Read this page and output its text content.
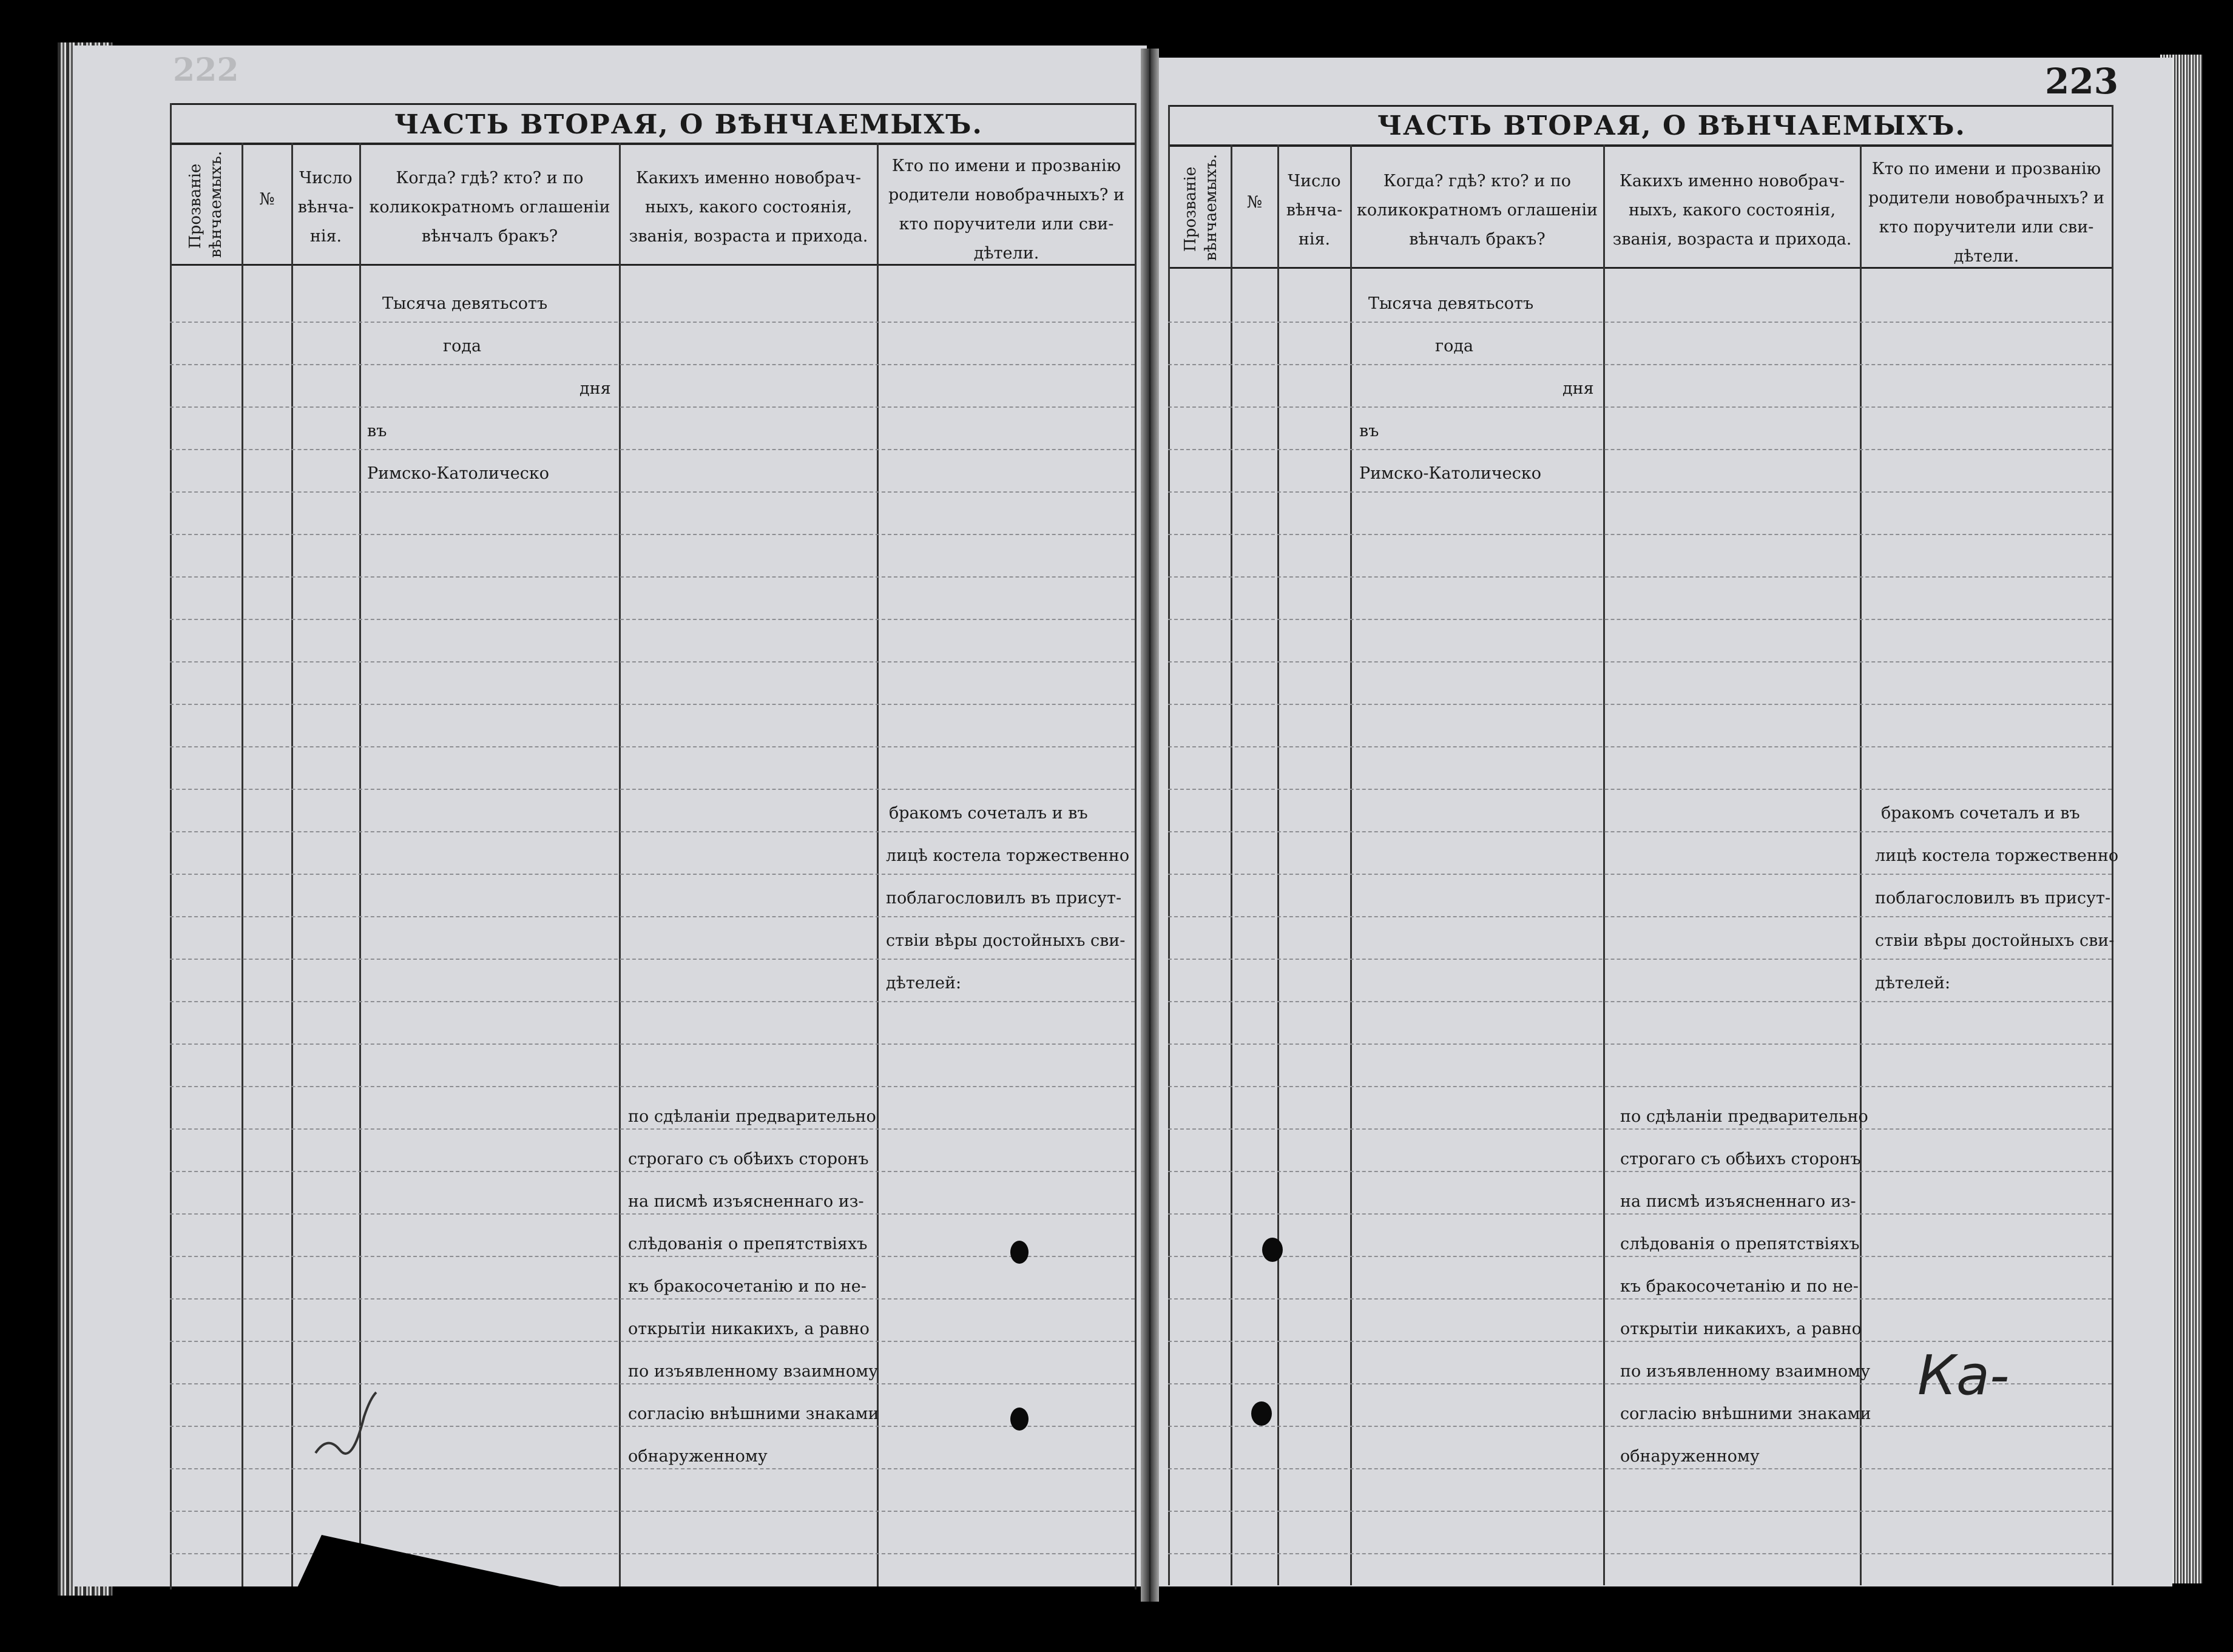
222
ЧАСТЬ ВТОРАЯ, О ВѢНЧАЕМЫХЪ.
Прозваніе вѣнчаемыхъ.	№
Число
вѣнча-
нія.
Когда? гдѣ? кто? и по
коликократномъ оглашеніи
вѣнчалъ бракъ?
Какихъ именно новобрач-
ныхъ, какого состоянія,
званія, возраста и прихода.
Кто по имени и прозванію
родители новобрачныхъ? и
кто поручители или сви-
дѣтели.
Тысяча девятьсотъ
года
дня
въ
Римско-Католическо
бракомъ сочеталъ и въ
лицѣ костела торжественно
поблагословилъ въ присут-
ствіи вѣры достойныхъ сви-
дѣтелей:
по сдѣланіи предварительно
строгаго съ обѣихъ сторонъ
на писмѣ изъясненнаго из-
слѣдованія о препятствіяхъ
къ бракосочетанію и по не-
открытіи никакихъ, а равно
по изъявленному взаимному
согласію внѣшними знаками
обнаруженному
223
ЧАСТЬ ВТОРАЯ, О ВѢНЧАЕМЫХЪ.
Прозваніе вѣнчаемыхъ.	№
Число
вѣнча-
нія.
Когда? гдѣ? кто? и по
коликократномъ оглашеніи
вѣнчалъ бракъ?
Какихъ именно новобрач-
ныхъ, какого состоянія,
званія, возраста и прихода.
Кто по имени и прозванію
родители новобрачныхъ? и
кто поручители или сви-
дѣтели.
Тысяча девятьсотъ
года
дня
въ
Римско-Католическо
бракомъ сочеталъ и въ
лицѣ костела торжественно
поблагословилъ въ присут-
ствіи вѣры достойныхъ сви-
дѣтелей:
по сдѣланіи предварительно
строгаго съ обѣихъ сторонъ
на писмѣ изъясненнаго из-
слѣдованія о препятствіяхъ
къ бракосочетанію и по не-
открытіи никакихъ, а равно
по изъявленному взаимному
согласію внѣшними знаками
обнаруженному
Ка-
